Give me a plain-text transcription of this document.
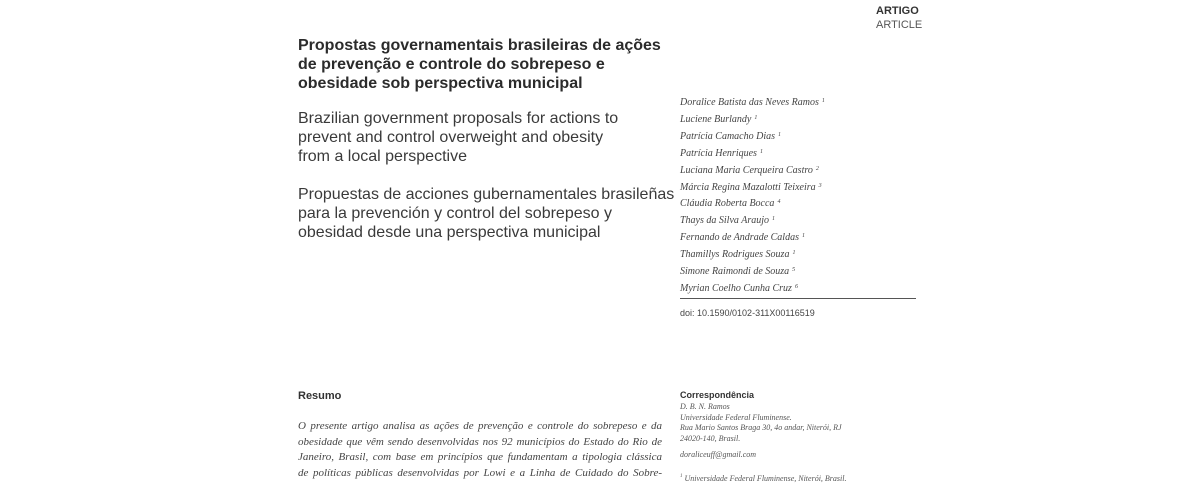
ARTIGO
ARTICLE
Propostas governamentais brasileiras de ações
de prevenção e controle do sobrepeso e
obesidade sob perspectiva municipal
Brazilian government proposals for actions to
prevent and control overweight and obesity
from a local perspective
Propuestas de acciones gubernamentales brasileñas
para la prevención y control del sobrepeso y
obesidad desde una perspectiva municipal
Doralice Batista das Neves Ramos $^1$
Luciene Burlandy $^1$
Patrícia Camacho Dias $^1$
Patrícia Henriques $^1$
Luciana Maria Cerqueira Castro $^2$
Márcia Regina Mazalotti Teixeira $^3$
Cláudia Roberta Bocca $^4$
Thays da Silva Araujo $^1$
Fernando de Andrade Caldas $^1$
Thamillys Rodrigues Souza $^1$
Simone Raimondi de Souza $^5$
Myrian Coelho Cunha Cruz $^6$
doi: 10.1590/0102-311X00116519
Resumo
O presente artigo analisa as ações de prevenção e controle do sobrepeso e da
obesidade que vêm sendo desenvolvidas nos 92 municípios do Estado do Rio de
Janeiro, Brasil, com base em princípios que fundamentam a tipologia clássica
de políticas públicas desenvolvidas por Lowi e a Linha de Cuidado do Sobre-
Correspondência
D. B. N. Ramos
Universidade Federal Fluminense.
Rua Mario Santos Braga 30, 4o andar, Niterói, RJ
24020-140, Brasil.
doraliceuff@gmail.com
$^1$ Universidade Federal Fluminense, Niterói, Brasil.
